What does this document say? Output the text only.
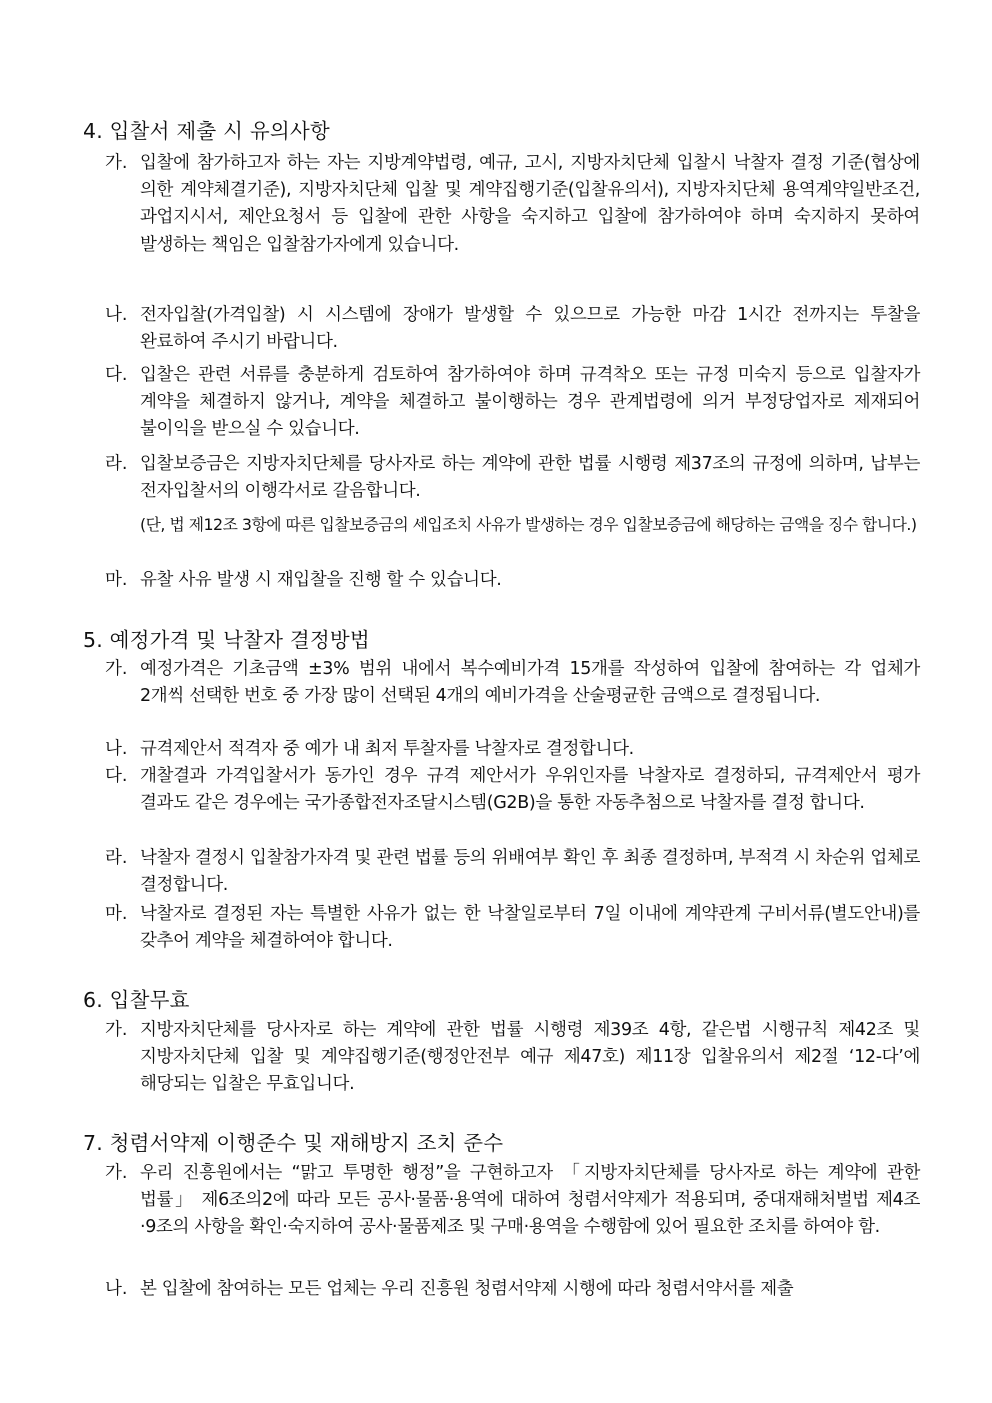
4. 입찰서 제출 시 유의사항
가. 입찰에 참가하고자 하는 자는 지방계약법령, 예규, 고시, 지방자치단체 입찰시 낙찰자 결정 기준(협상에 의한 계약체결기준), 지방자치단체 입찰 및 계약집행기준(입찰유의서), 지방자치단체 용역계약일반조건, 과업지시서, 제안요청서 등 입찰에 관한 사항을 숙지하고 입찰에 참가하여야 하며 숙지하지 못하여 발생하는 책임은 입찰참가자에게 있습니다.
나. 전자입찰(가격입찰) 시 시스템에 장애가 발생할 수 있으므로 가능한 마감 1시간 전까지는 투찰을 완료하여 주시기 바랍니다.
다. 입찰은 관련 서류를 충분하게 검토하여 참가하여야 하며 규격착오 또는 규정 미숙지 등으로 입찰자가 계약을 체결하지 않거나, 계약을 체결하고 불이행하는 경우 관계법령에 의거 부정당업자로 제재되어 불이익을 받으실 수 있습니다.
라. 입찰보증금은 지방자치단체를 당사자로 하는 계약에 관한 법률 시행령 제37조의 규정에 의하며, 납부는 전자입찰서의 이행각서로 갈음합니다.
(단, 법 제12조 3항에 따른 입찰보증금의 세입조치 사유가 발생하는 경우 입찰보증금에 해당하는 금액을 징수 합니다.)
마. 유찰 사유 발생 시 재입찰을 진행 할 수 있습니다.
5. 예정가격 및 낙찰자 결정방법
가. 예정가격은 기초금액 ±3% 범위 내에서 복수예비가격 15개를 작성하여 입찰에 참여하는 각 업체가 2개씩 선택한 번호 중 가장 많이 선택된 4개의 예비가격을 산술평균한 금액으로 결정됩니다.
나. 규격제안서 적격자 중 예가 내 최저 투찰자를 낙찰자로 결정합니다.
다. 개찰결과 가격입찰서가 동가인 경우 규격 제안서가 우위인자를 낙찰자로 결정하되, 규격제안서 평가 결과도 같은 경우에는 국가종합전자조달시스템(G2B)을 통한 자동추첨으로 낙찰자를 결정 합니다.
라. 낙찰자 결정시 입찰참가자격 및 관련 법률 등의 위배여부 확인 후 최종 결정하며, 부적격 시 차순위 업체로 결정합니다.
마. 낙찰자로 결정된 자는 특별한 사유가 없는 한 낙찰일로부터 7일 이내에 계약관계 구비서류(별도안내)를 갖추어 계약을 체결하여야 합니다.
6. 입찰무효
가. 지방자치단체를 당사자로 하는 계약에 관한 법률 시행령 제39조 4항, 같은법 시행규칙 제42조 및 지방자치단체 입찰 및 계약집행기준(행정안전부 예규 제47호) 제11장 입찰유의서 제2절 ‘12-다’에 해당되는 입찰은 무효입니다.
7. 청렴서약제 이행준수 및 재해방지 조치 준수
가. 우리 진흥원에서는 “맑고 투명한 행정”을 구현하고자 「지방자치단체를 당사자로 하는 계약에 관한 법률」 제6조의2에 따라 모든 공사·물품·용역에 대하여 청렴서약제가 적용되며, 중대재해처벌법 제4조·9조의 사항을 확인·숙지하여 공사·물품제조 및 구매·용역을 수행함에 있어 필요한 조치를 하여야 함.
나. 본 입찰에 참여하는 모든 업체는 우리 진흥원 청렴서약제 시행에 따라 청렴서약서를 제출
